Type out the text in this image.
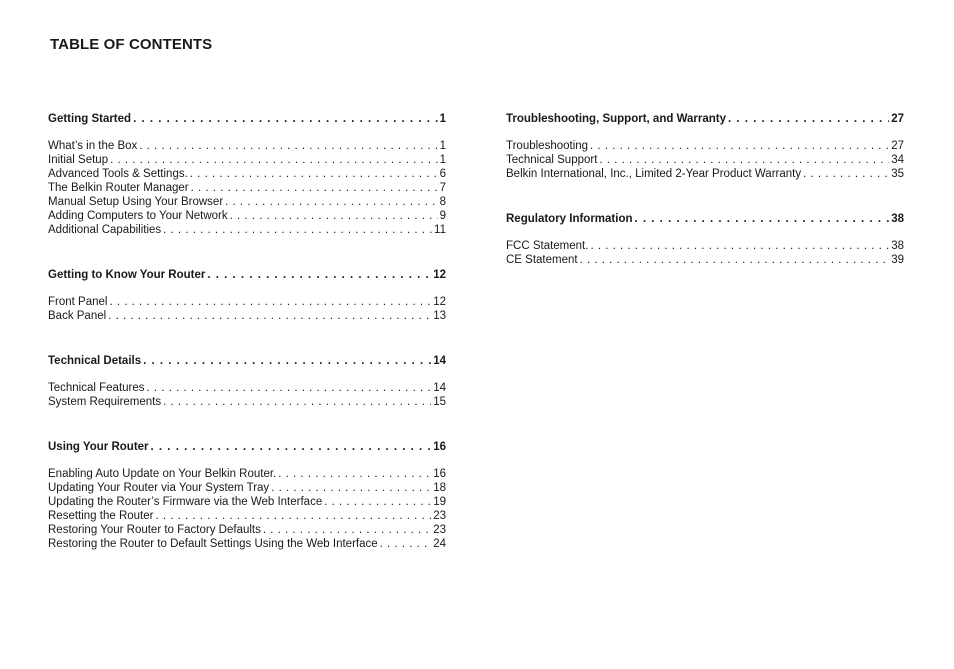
TABLE OF CONTENTS
Getting Started . . .	1
What’s in the Box . . .	1
Initial Setup . . .	1
Advanced Tools & Settings. . . .	6
The Belkin Router Manager . . .	7
Manual Setup Using Your Browser . . .	8
Adding Computers to Your Network . . .	9
Additional Capabilities . . .	11
Getting to Know Your Router . . .	12
Front Panel . . .	12
Back Panel . . .	13
Technical Details . . .	14
Technical Features . . .	14
System Requirements . . .	15
Using Your Router . . .	16
Enabling Auto Update on Your Belkin Router. . . .	16
Updating Your Router via Your System Tray . . .	18
Updating the Router’s Firmware via the Web Interface . . .	19
Resetting the Router . . .	23
Restoring Your Router to Factory Defaults . . .	23
Restoring the Router to Default Settings Using the Web Interface . . .	24
Troubleshooting, Support, and Warranty . . .	27
Troubleshooting . . .	27
Technical Support . . .	34
Belkin International, Inc., Limited 2-Year Product Warranty . . .	35
Regulatory Information . . .	38
FCC Statement. . . .	38
CE Statement . . .	39
